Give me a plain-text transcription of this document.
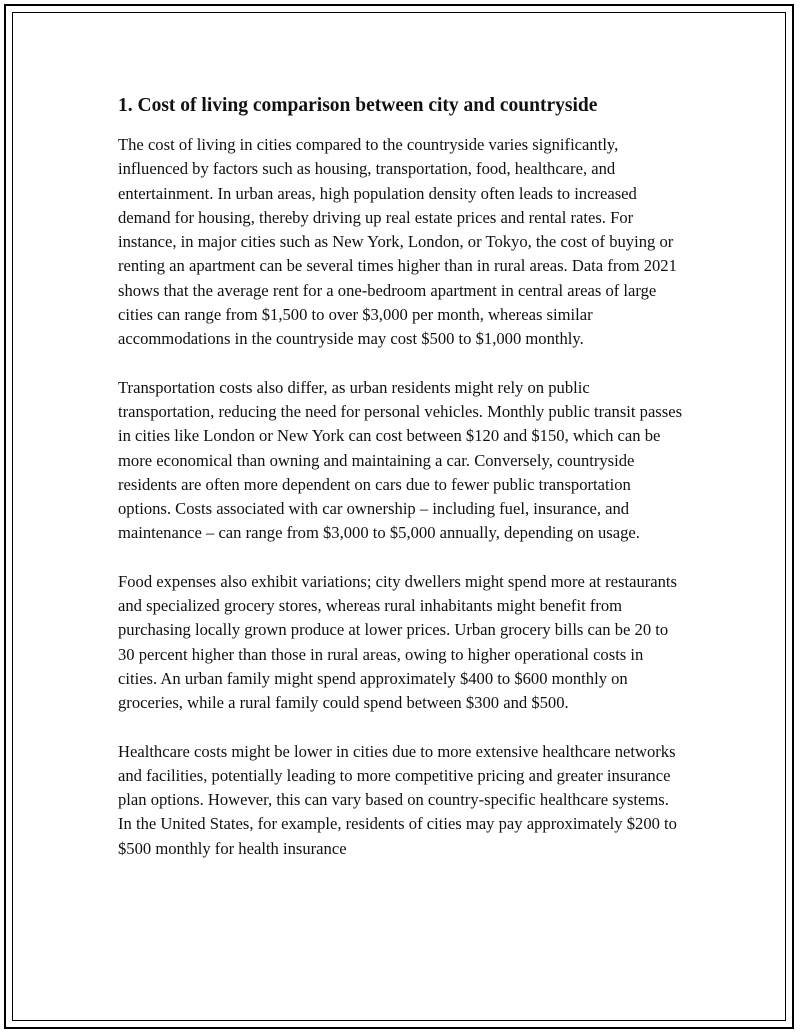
1. Cost of living comparison between city and countryside

The cost of living in cities compared to the countryside varies significantly, influenced by factors such as housing, transportation, food, healthcare, and entertainment. In urban areas, high population density often leads to increased demand for housing, thereby driving up real estate prices and rental rates. For instance, in major cities such as New York, London, or Tokyo, the cost of buying or renting an apartment can be several times higher than in rural areas. Data from 2021 shows that the average rent for a one-bedroom apartment in central areas of large cities can range from $1,500 to over $3,000 per month, whereas similar accommodations in the countryside may cost $500 to $1,000 monthly.

Transportation costs also differ, as urban residents might rely on public transportation, reducing the need for personal vehicles. Monthly public transit passes in cities like London or New York can cost between $120 and $150, which can be more economical than owning and maintaining a car. Conversely, countryside residents are often more dependent on cars due to fewer public transportation options. Costs associated with car ownership – including fuel, insurance, and maintenance – can range from $3,000 to $5,000 annually, depending on usage.

Food expenses also exhibit variations; city dwellers might spend more at restaurants and specialized grocery stores, whereas rural inhabitants might benefit from purchasing locally grown produce at lower prices. Urban grocery bills can be 20 to 30 percent higher than those in rural areas, owing to higher operational costs in cities. An urban family might spend approximately $400 to $600 monthly on groceries, while a rural family could spend between $300 and $500.

Healthcare costs might be lower in cities due to more extensive healthcare networks and facilities, potentially leading to more competitive pricing and greater insurance plan options. However, this can vary based on country-specific healthcare systems. In the United States, for example, residents of cities may pay approximately $200 to $500 monthly for health insurance
